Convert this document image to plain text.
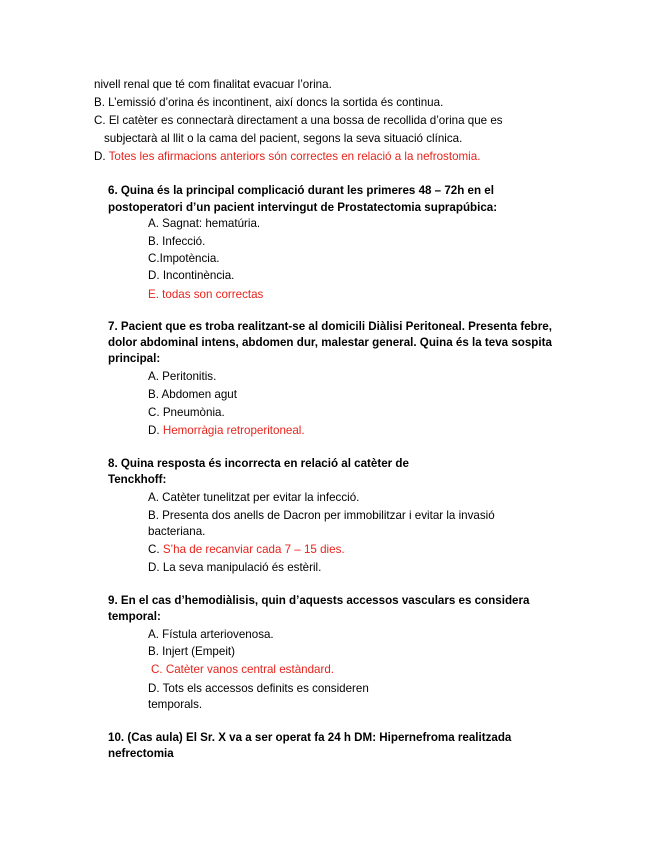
nivell renal que té com finalitat evacuar l’orina.
B. L’emissió d’orina és incontinent, així doncs la sortida és continua.
C. El catèter es connectarà directament a una bossa de recollida d’orina que es
subjectarà al llit o la cama del pacient, segons la seva situació clínica.
D. Totes les afirmacions anteriors són correctes en relació a la nefrostomia.
6. Quina és la principal complicació durant les primeres 48 – 72h en el
postoperatori d’un pacient intervingut de Prostatectomia suprapúbica:
A. Sagnat: hematúria.
B. Infecció.
C.Impotència.
D. Incontinència.
E. todas son correctas
7. Pacient que es troba realitzant-se al domicili Diàlisi Peritoneal. Presenta febre,
dolor abdominal intens, abdomen dur, malestar general. Quina és la teva sospita
principal:
A. Peritonitis.
B. Abdomen agut
C. Pneumònia.
D. Hemorràgia retroperitoneal.
8. Quina resposta és incorrecta en relació al catèter de
Tenckhoff:
A. Catèter tunelitzat per evitar la infecció.
B. Presenta dos anells de Dacron per immobilitzar i evitar la invasió
bacteriana.
C. S’ha de recanviar cada 7 – 15 dies.
D. La seva manipulació és estèril.
9. En el cas d’hemodiàlisis, quin d’aquests accessos vasculars es considera
temporal:
A. Fístula arteriovenosa.
B. Injert (Empeit)
C. Catèter vanos central estàndard.
D. Tots els accessos definits es consideren
temporals.
10. (Cas aula) El Sr. X va a ser operat fa 24 h DM: Hipernefroma realitzada
nefrectomia
